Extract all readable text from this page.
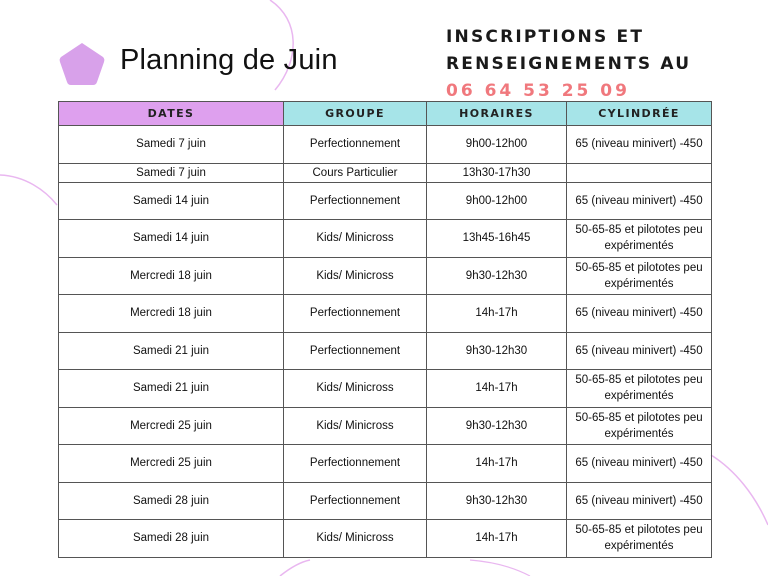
Planning de Juin
INSCRIPTIONS ET
RENSEIGNEMENTS AU
06 64 53 25 09
DATES	GROUPE	HORAIRES	CYLINDRÉE
Samedi 7 juin	Perfectionnement	9h00-12h00	65 (niveau minivert) -450
Samedi 7 juin	Cours Particulier	13h30-17h30	
Samedi 14 juin	Perfectionnement	9h00-12h00	65 (niveau minivert) -450
Samedi 14 juin	Kids/ Minicross	13h45-16h45	50-65-85 et pilototes peu expérimentés
Mercredi 18 juin	Kids/ Minicross	9h30-12h30	50-65-85 et pilototes peu expérimentés
Mercredi 18 juin	Perfectionnement	14h-17h	65 (niveau minivert) -450
Samedi 21 juin	Perfectionnement	9h30-12h30	65 (niveau minivert) -450
Samedi 21 juin	Kids/ Minicross	14h-17h	50-65-85 et pilototes peu expérimentés
Mercredi 25 juin	Kids/ Minicross	9h30-12h30	50-65-85 et pilototes peu expérimentés
Mercredi 25 juin	Perfectionnement	14h-17h	65 (niveau minivert) -450
Samedi 28 juin	Perfectionnement	9h30-12h30	65 (niveau minivert) -450
Samedi 28 juin	Kids/ Minicross	14h-17h	50-65-85 et pilototes peu expérimentés
